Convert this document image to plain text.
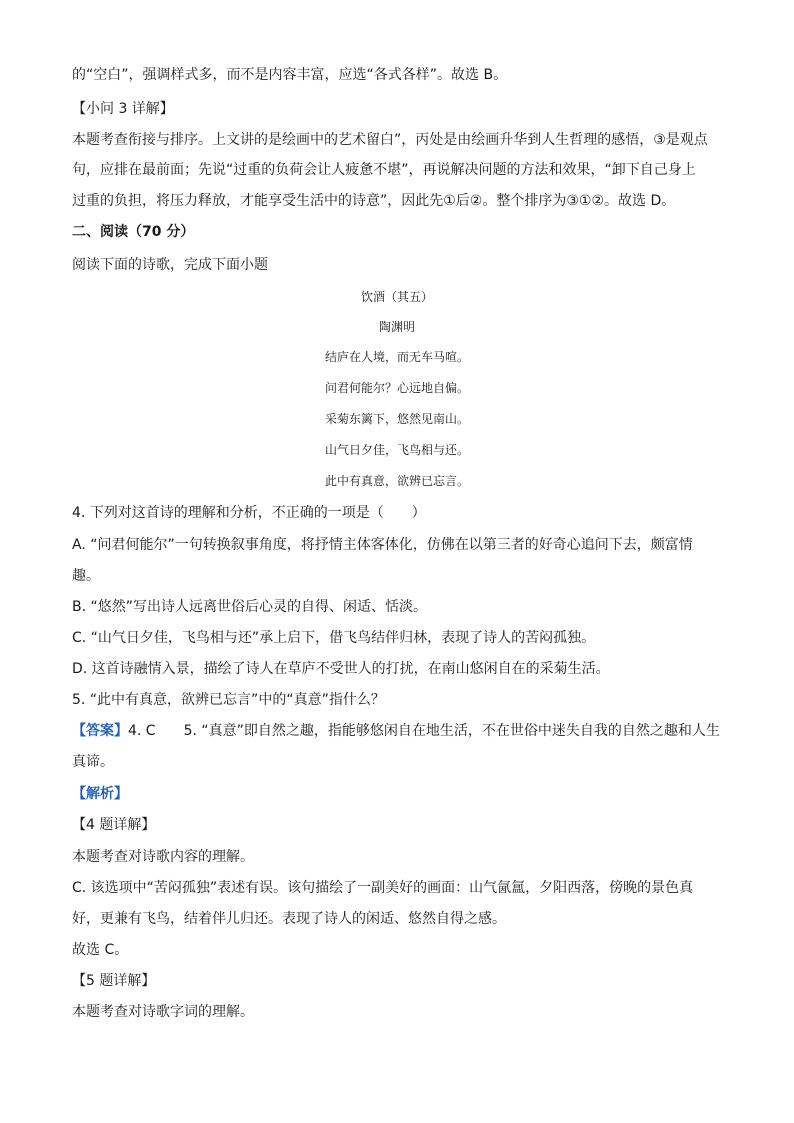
的“空白”，强调样式多，而不是内容丰富，应选“各式各样”。故选 B。
【小问 3 详解】
本题考查衔接与排序。上文讲的是绘画中的艺术留白”，丙处是由绘画升华到人生哲理的感悟，③是观点
句，应排在最前面；先说“过重的负荷会让人疲惫不堪”，再说解决问题的方法和效果，“卸下自己身上
过重的负担，将压力释放，才能享受生活中的诗意”，因此先①后②。整个排序为③①②。故选 D。
二、阅读（70 分）
阅读下面的诗歌，完成下面小题
饮酒（其五）
陶渊明
结庐在人境，而无车马喧。
问君何能尔？心远地自偏。
采菊东篱下，悠然见南山。
山气日夕佳，飞鸟相与还。
此中有真意，欲辨已忘言。
4. 下列对这首诗的理解和分析，不正确的一项是（　　）
A. “问君何能尔”一句转换叙事角度，将抒情主体客体化，仿佛在以第三者的好奇心追问下去，颇富情
趣。
B. “悠然”写出诗人远离世俗后心灵的自得、闲适、恬淡。
C. “山气日夕佳，飞鸟相与还”承上启下，借飞鸟结伴归林，表现了诗人的苦闷孤独。
D. 这首诗融情入景，描绘了诗人在草庐不受世人的打扰，在南山悠闲自在的采菊生活。
5. “此中有真意，欲辨已忘言”中的“真意”指什么？
【答案】4. C　　5. “真意”即自然之趣，指能够悠闲自在地生活，不在世俗中迷失自我的自然之趣和人生
真谛。
【解析】
【4 题详解】
本题考查对诗歌内容的理解。
C. 该选项中“苦闷孤独”表述有误。该句描绘了一副美好的画面：山气氤氲，夕阳西落，傍晚的景色真
好，更兼有飞鸟，结着伴儿归还。表现了诗人的闲适、悠然自得之感。
故选 C。
【5 题详解】
本题考查对诗歌字词的理解。
